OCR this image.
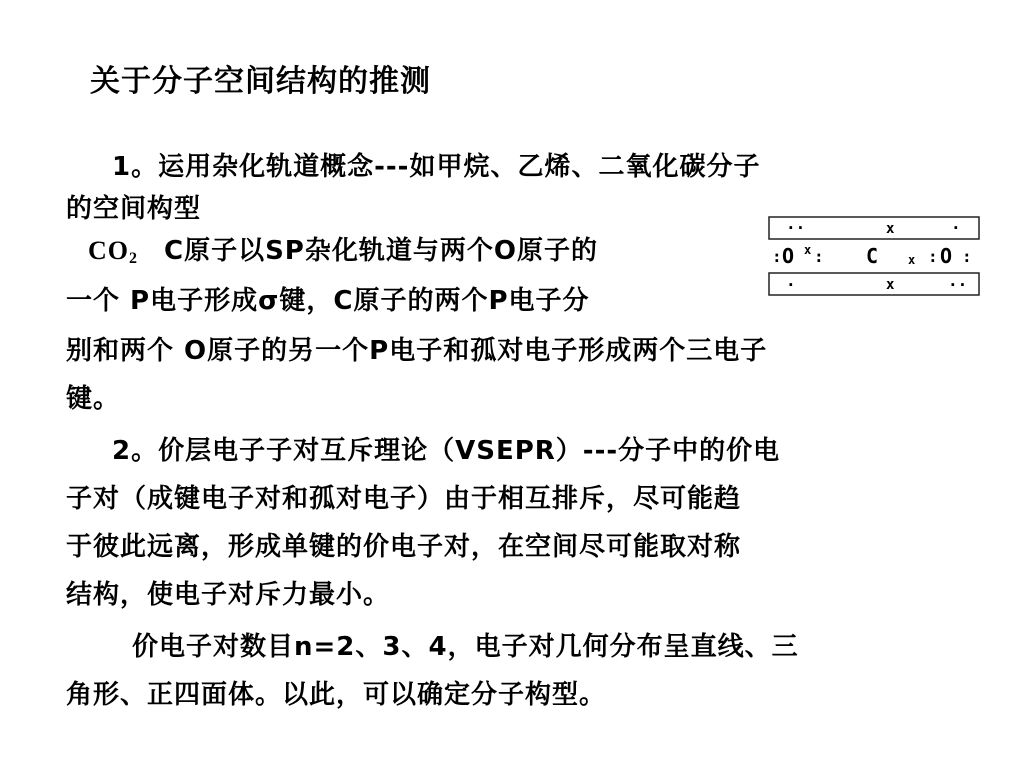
关于分子空间结构的推测
1。运用杂化轨道概念---如甲烷、乙烯、二氧化碳分子
的空间构型
$CO_2$ C原子以SP杂化轨道与两个O原子的
一个 P电子形成σ键，C原子的两个P电子分
别和两个 O原子的另一个P电子和孤对电子形成两个三电子
键。
··	x	·
: O x : C x : O :
·	x	··
2。价层电子子对互斥理论（VSEPR）---分子中的价电
子对（成键电子对和孤对电子）由于相互排斥，尽可能趋
于彼此远离，形成单键的价电子对，在空间尽可能取对称
结构，使电子对斥力最小。
价电子对数目n=2、3、4，电子对几何分布呈直线、三
角形、正四面体。以此，可以确定分子构型。
